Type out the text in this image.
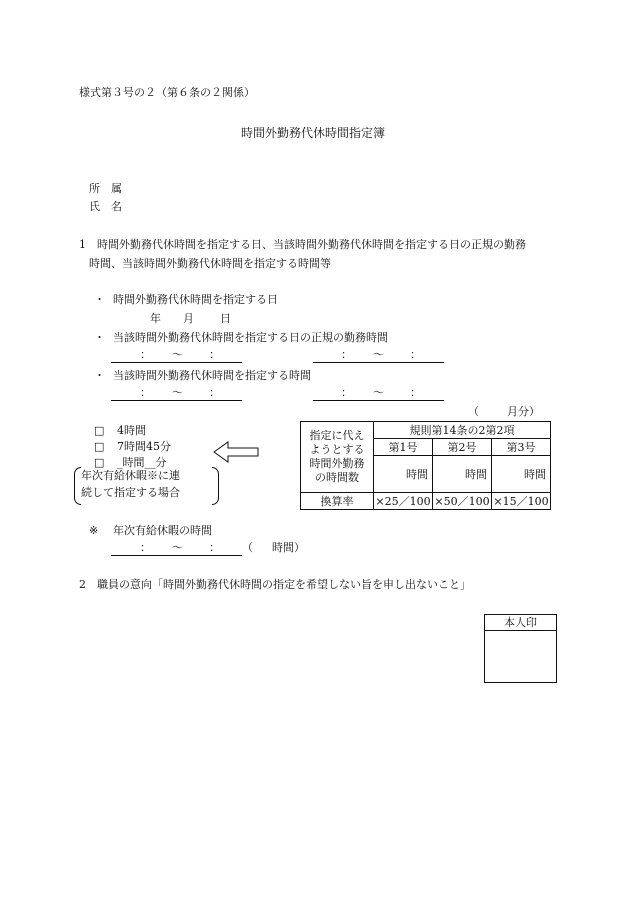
様式第３号の２（第６条の２関係）
時間外勤務代休時間指定簿
所　属
氏　名
1　時間外勤務代休時間を指定する日、当該時間外勤務代休時間を指定する日の正規の勤務
時間、当該時間外勤務代休時間を指定する時間等
・ 時間外勤務代休時間を指定する日
年 月 日
・ 当該時間外勤務代休時間を指定する日の正規の勤務時間
： 〜 ：	： 〜 ：
・ 当該時間外勤務代休時間を指定する時間
： 〜 ：	： 〜 ：
（	月分）
□ 4時間
□ 7時間45分
□ _時間__分
年次有給休暇※に連
続して指定する場合
指定に代え
ようとする
時間外勤務
の時間数	規則第14条の2第2項		
	第1号	第2号	第3号
	時間	時間	時間
換算率	×25／100	×50／100	×15／100
※ 年次有給休暇の時間
： 〜 ： （ 時間）
2　職員の意向「時間外勤務代休時間の指定を希望しない旨を申し出ないこと」
本人印
